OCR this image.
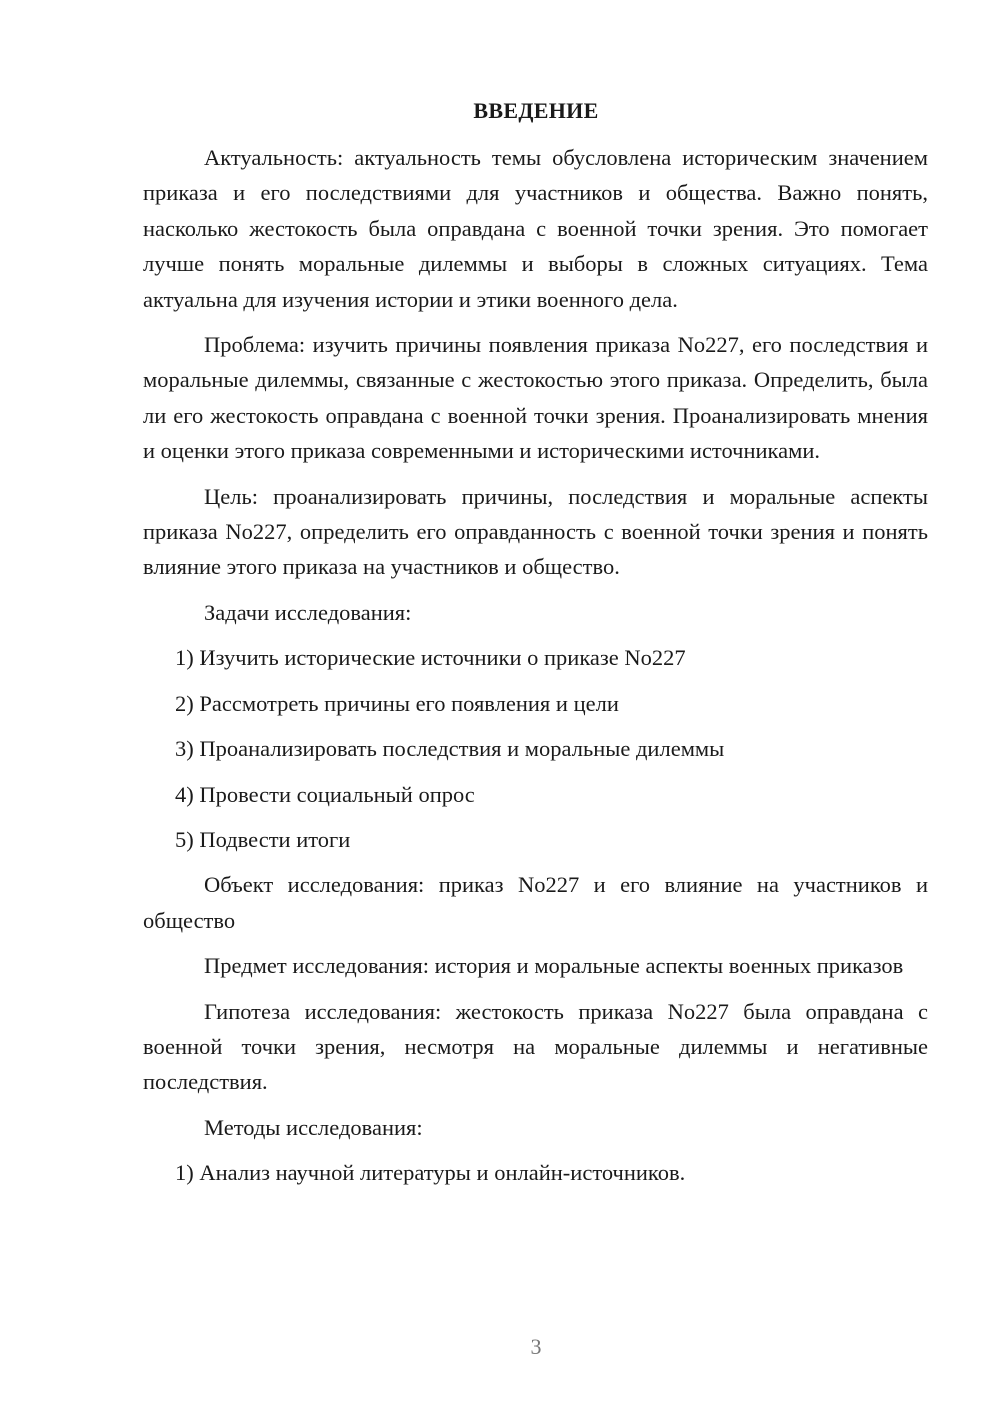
ВВЕДЕНИЕ

Актуальность: актуальность темы обусловлена историческим значением приказа и его последствиями для участников и общества. Важно понять, насколько жестокость была оправдана с военной точки зрения. Это помогает лучше понять моральные дилеммы и выборы в сложных ситуациях. Тема актуальна для изучения истории и этики военного дела.

Проблема: изучить причины появления приказа No227, его последствия и моральные дилеммы, связанные с жестокостью этого приказа. Определить, была ли его жестокость оправдана с военной точки зрения. Проанализировать мнения и оценки этого приказа современными и историческими источниками.

Цель: проанализировать причины, последствия и моральные аспекты приказа No227, определить его оправданность с военной точки зрения и понять влияние этого приказа на участников и общество.

Задачи исследования:

1) Изучить исторические источники о приказе No227

2) Рассмотреть причины его появления и цели

3) Проанализировать последствия и моральные дилеммы

4) Провести социальный опрос

5) Подвести итоги

Объект исследования: приказ No227 и его влияние на участников и общество

Предмет исследования: история и моральные аспекты военных приказов

Гипотеза исследования: жестокость приказа No227 была оправдана с военной точки зрения, несмотря на моральные дилеммы и негативные последствия.

Методы исследования:

1) Анализ научной литературы и онлайн-источников.

3
